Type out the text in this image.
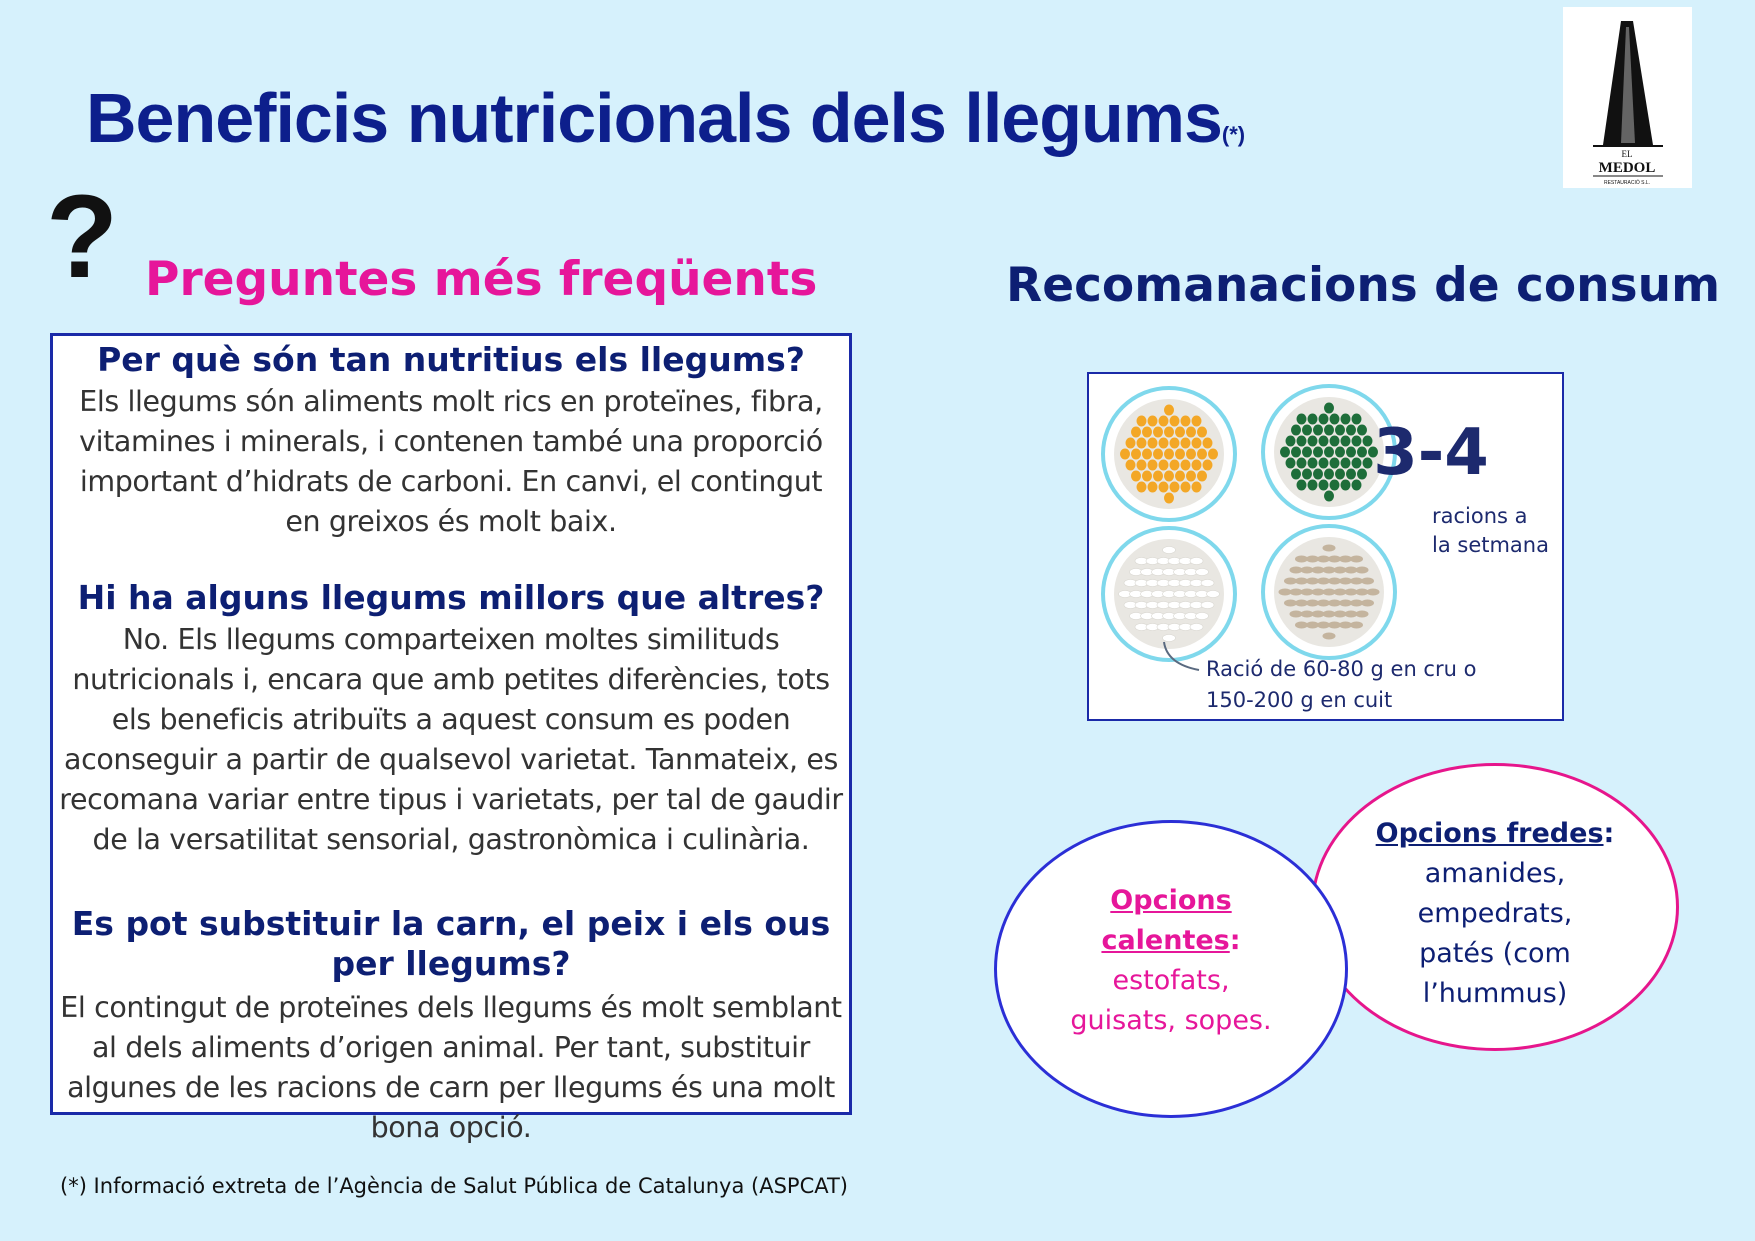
Beneficis nutricionals dels llegums(*)
EL
MEDOL
RESTAURACIÓ S.L.
? Preguntes més freqüents
Per què són tan nutritius els llegums?
Els llegums són aliments molt rics en proteïnes, fibra, vitamines i minerals, i contenen també una proporció important d’hidrats de carboni. En canvi, el contingut en greixos és molt baix.
Hi ha alguns llegums millors que altres?
No. Els llegums comparteixen moltes similituds nutricionals i, encara que amb petites diferències, tots els beneficis atribuïts a aquest consum es poden aconseguir a partir de qualsevol varietat. Tanmateix, es recomana variar entre tipus i varietats, per tal de gaudir de la versatilitat sensorial, gastronòmica i culinària.
Es pot substituir la carn, el peix i els ous per llegums?
El contingut de proteïnes dels llegums és molt semblant al dels aliments d’origen animal. Per tant, substituir algunes de les racions de carn per llegums és una molt bona opció.
Recomanacions de consum
3-4
racions a
la setmana
Ració de 60-80 g en cru o
150-200 g en cuit
Opcions fredes:
amanides,
empedrats,
patés (com
l’hummus)
Opcions
calentes:
estofats,
guisats, sopes.
(*) Informació extreta de l’Agència de Salut Pública de Catalunya (ASPCAT)
